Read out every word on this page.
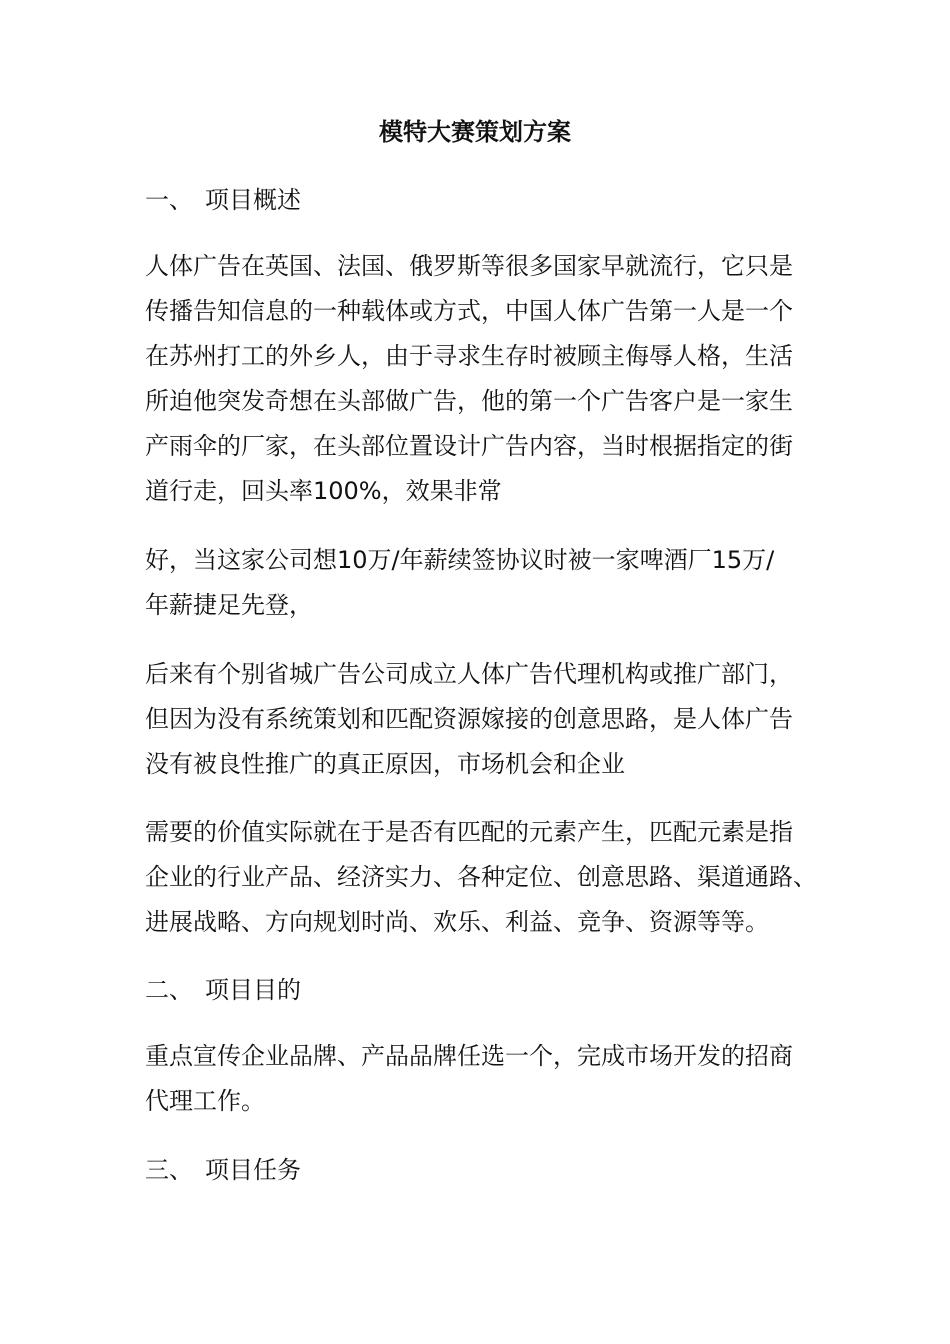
模特大赛策划方案
一、 项目概述
人体广告在英国、法国、俄罗斯等很多国家早就流行，它只是
传播告知信息的一种载体或方式，中国人体广告第一人是一个
在苏州打工的外乡人，由于寻求生存时被顾主侮辱人格，生活
所迫他突发奇想在头部做广告，他的第一个广告客户是一家生
产雨伞的厂家，在头部位置设计广告内容，当时根据指定的街
道行走，回头率100%，效果非常
好，当这家公司想10万/年薪续签协议时被一家啤酒厂15万/
年薪捷足先登，
后来有个别省城广告公司成立人体广告代理机构或推广部门，
但因为没有系统策划和匹配资源嫁接的创意思路，是人体广告
没有被良性推广的真正原因，市场机会和企业
需要的价值实际就在于是否有匹配的元素产生，匹配元素是指
企业的行业产品、经济实力、各种定位、创意思路、渠道通路、
进展战略、方向规划时尚、欢乐、利益、竞争、资源等等。
二、 项目目的
重点宣传企业品牌、产品品牌任选一个，完成市场开发的招商
代理工作。
三、 项目任务
